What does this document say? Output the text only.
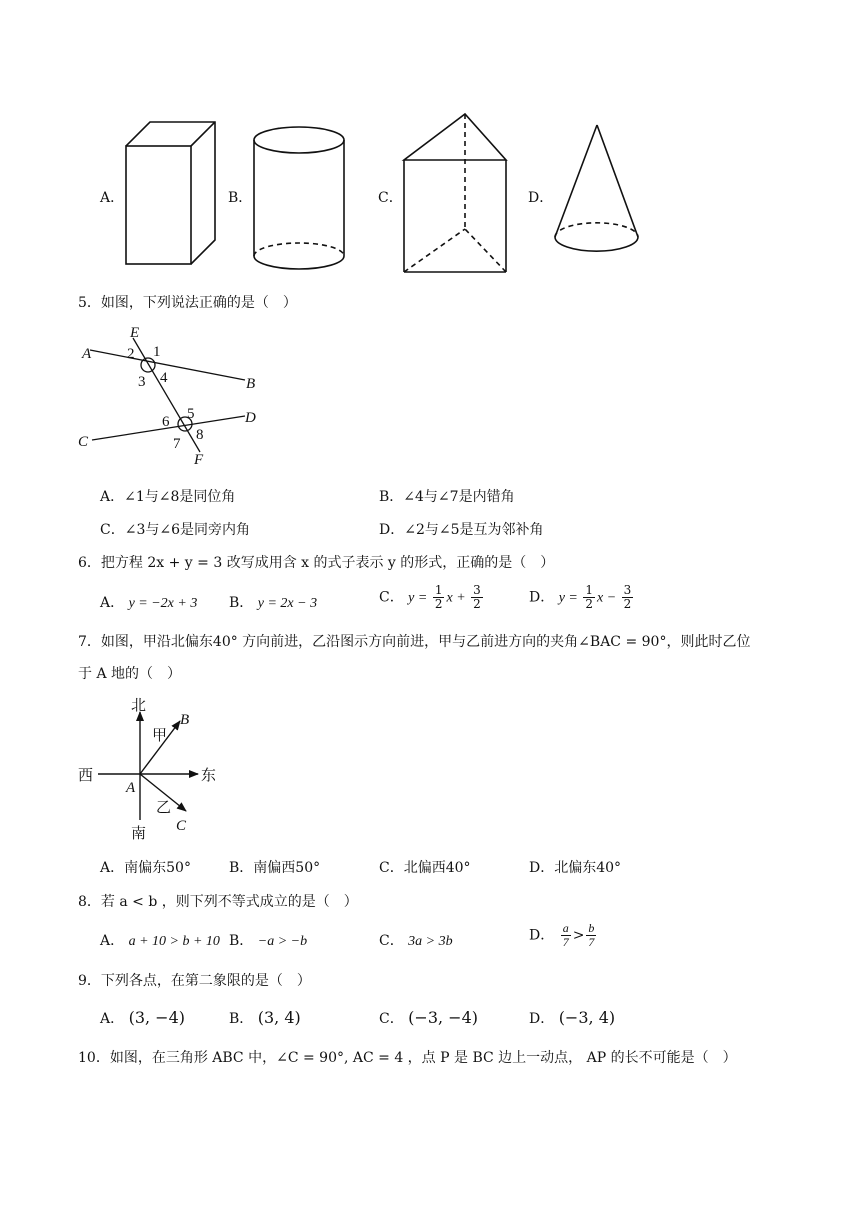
A．	B．	C．	D．
5．如图，下列说法正确的是（　）
E
A
B
C
D
F
1
2
3 4
5
6
7
8
A．∠1与∠8是同位角	B．∠4与∠7是内错角
C．∠3与∠6是同旁内角	D．∠2与∠5是互为邻补角
6．把方程 2x + y = 3 改写成用含 x 的式子表示 y 的形式，正确的是（　）
A． y = −2x + 3 B． y = 2x − 3	C． $y = \frac{1}{2}$ $x + \frac{3}{2}$	D． $y = \frac{1}{2}$ $x - \frac{3}{2}$
7．如图，甲沿北偏东40° 方向前进，乙沿图示方向前进，甲与乙前进方向的夹角∠BAC = 90°，则此时乙位
于 A 地的（　）
北
南
东
西
甲
乙
A
B
C
A．南偏东50°	B．南偏西50°	C．北偏西40°	D．北偏东40°
8．若 a < b ，则下列不等式成立的是（　）
A． a + 10 > b + 10 B． −a > −b	C． 3a > 3b	D． $\frac{a}{7} > \frac{b}{7}$
9．下列各点，在第二象限的是（　）
A． (3, −4)	B． (3, 4)	C． (−3, −4)	D． (−3, 4)
10．如图，在三角形 ABC 中，∠C = 90°, AC = 4 ，点 P 是 BC 边上一动点， AP 的长不可能是（　）
